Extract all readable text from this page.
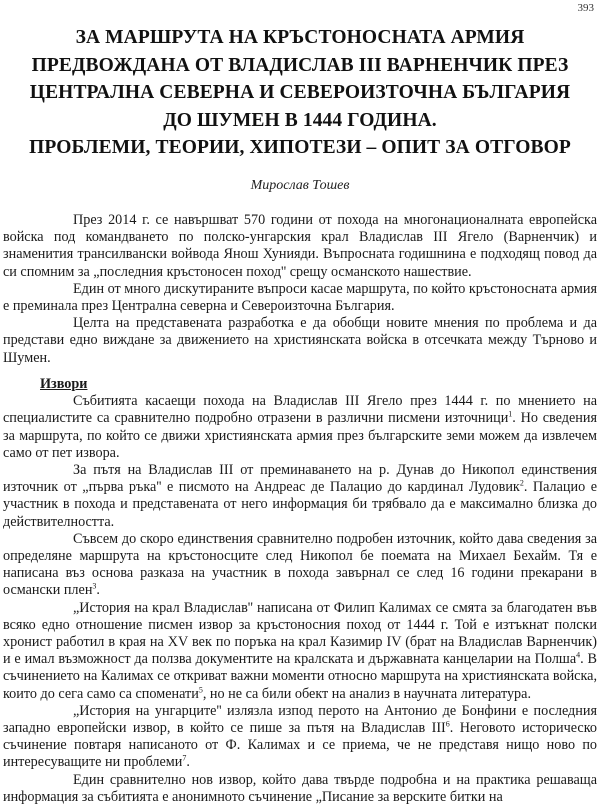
393
ЗА МАРШРУТА НА КРЪСТОНОСНАТА АРМИЯ
ПРЕДВОЖДАНА ОТ ВЛАДИСЛАВ III ВАРНЕНЧИК ПРЕЗ
ЦЕНТРАЛНА СЕВЕРНА И СЕВЕРОИЗТОЧНА БЪЛГАРИЯ
ДО ШУМЕН В 1444 ГОДИНА.
ПРОБЛЕМИ, ТЕОРИИ, ХИПОТЕЗИ – ОПИТ ЗА ОТГОВОР
Мирослав Тошев

През 2014 г. се навършват 570 години от похода на многонационалната европейска войска под командването по полско-унгарския крал Владислав III Ягело (Варненчик) и знаменития трансилвански войвода Янош Хунияди. Въпросната годишнина е подходящ повод да си спомним за „последния кръстоносен поход'' срещу османското нашествие.

Един от много дискутираните въпроси касае маршрута, по който кръстоносната армия е преминала през Централна северна и Североизточна България.

Целта на представената разработка е да обобщи новите мнения по проблема и да представи едно виждане за движението на християнската войска в отсечката между Търново и Шумен.

Извори

Събитията касаещи похода на Владислав III Ягело през 1444 г. по мнението на специалистите са сравнително подробно отразени в различни писмени източници$^1$. Но сведения за маршрута, по който се движи християнската армия през българските земи можем да извлечем само от пет извора.

За пътя на Владислав III от преминаването на р. Дунав до Никопол единствения източник от „първа ръка'' е писмото на Андреас де Палацио до кардинал Лудовик$^2$. Палацио е участник в похода и представената от него информация би трябвало да е максимално близка до действителността.

Съвсем до скоро единствения сравнително подробен източник, който дава сведения за определяне маршрута на кръстоносците след Никопол бе поемата на Михаел Бехайм. Тя е написана въз основа разказа на участник в похода завърнал се след 16 години прекарани в османски плен$^3$.

„История на крал Владислав'' написана от Филип Калимах се смята за благодатен във всяко едно отношение писмен извор за кръстоносния поход от 1444 г. Той е изтъкнат полски хронист работил в края на XV век по поръка на крал Казимир IV (брат на Владислав Варненчик) и е имал възможност да ползва документите на кралската и държавната канцеларии на Полша$^4$. В съчинението на Калимах се откриват важни моменти относно маршрута на християнската войска, които до сега само са споменати$^5$, но не са били обект на анализ в научната литература.

„История на унгарците'' излязла изпод перото на Антонио де Бонфини е последния западно европейски извор, в който се пише за пътя на Владислав III$^6$. Неговото историческо съчинение повтаря написаното от Ф. Калимах и се приема, че не представя нищо ново по интересуващите ни проблеми$^7$.

Един сравнително нов извор, който дава твърде подробна и на практика решаваща информация за събитията е анонимното съчинение „Писание за верските битки на
